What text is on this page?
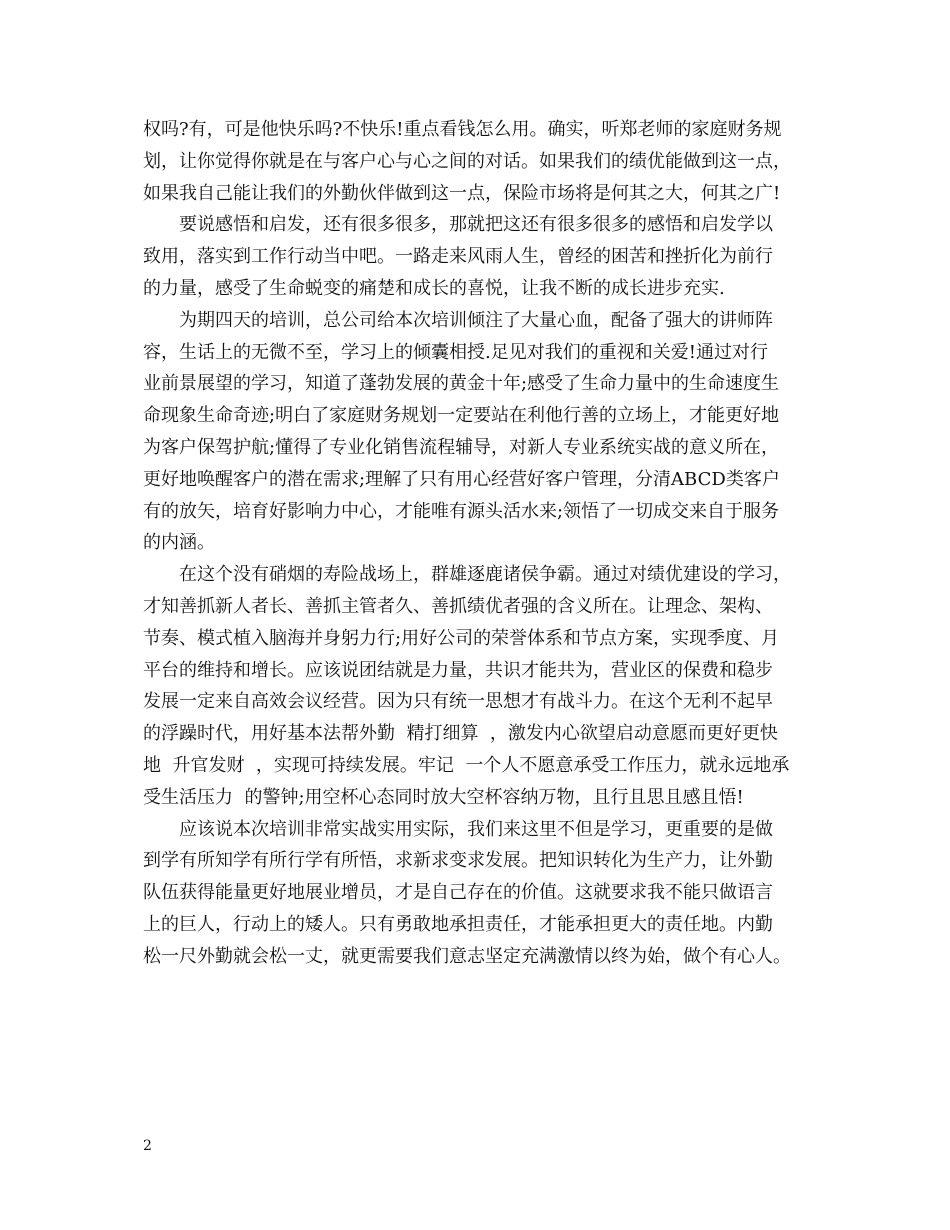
权吗?有，可是他快乐吗?不快乐!重点看钱怎么用。确实，听郑老师的家庭财务规
划，让你觉得你就是在与客户心与心之间的对话。如果我们的绩优能做到这一点，
如果我自己能让我们的外勤伙伴做到这一点，保险市场将是何其之大，何其之广!
要说感悟和启发，还有很多很多，那就把这还有很多很多的感悟和启发学以
致用，落实到工作行动当中吧。一路走来风雨人生，曾经的困苦和挫折化为前行
的力量，感受了生命蜕变的痛楚和成长的喜悦，让我不断的成长进步充实.
为期四天的培训，总公司给本次培训倾注了大量心血，配备了强大的讲师阵
容，生话上的无微不至，学习上的倾囊相授.足见对我们的重视和关爱!通过对行
业前景展望的学习，知道了蓬勃发展的黄金十年;感受了生命力量中的生命速度生
命现象生命奇迹;明白了家庭财务规划一定要站在利他行善的立场上，才能更好地
为客户保驾护航;懂得了专业化销售流程辅导，对新人专业系统实战的意义所在，
更好地唤醒客户的潜在需求;理解了只有用心经营好客户管理，分清ABCD类客户
有的放矢，培育好影响力中心，才能唯有源头活水来;领悟了一切成交来自于服务
的内涵。
在这个没有硝烟的寿险战场上，群雄逐鹿诸侯争霸。通过对绩优建设的学习，
才知善抓新人者长、善抓主管者久、善抓绩优者强的含义所在。让理念、架构、
节奏、模式植入脑海并身躬力行;用好公司的荣誉体系和节点方案，实现季度、月
平台的维持和增长。应该说团结就是力量，共识才能共为，营业区的保费和稳步
发展一定来自高效会议经营。因为只有统一思想才有战斗力。在这个无利不起早
的浮躁时代，用好基本法帮外勤  精打细算  ，激发内心欲望启动意愿而更好更快
地  升官发财  ，实现可持续发展。牢记  一个人不愿意承受工作压力，就永远地承
受生活压力  的警钟;用空杯心态同时放大空杯容纳万物，且行且思且感且悟!
应该说本次培训非常实战实用实际，我们来这里不但是学习，更重要的是做
到学有所知学有所行学有所悟，求新求变求发展。把知识转化为生产力，让外勤
队伍获得能量更好地展业增员，才是自己存在的价值。这就要求我不能只做语言
上的巨人，行动上的矮人。只有勇敢地承担责任，才能承担更大的责任地。内勤
松一尺外勤就会松一丈，就更需要我们意志坚定充满激情以终为始，做个有心人。
2
